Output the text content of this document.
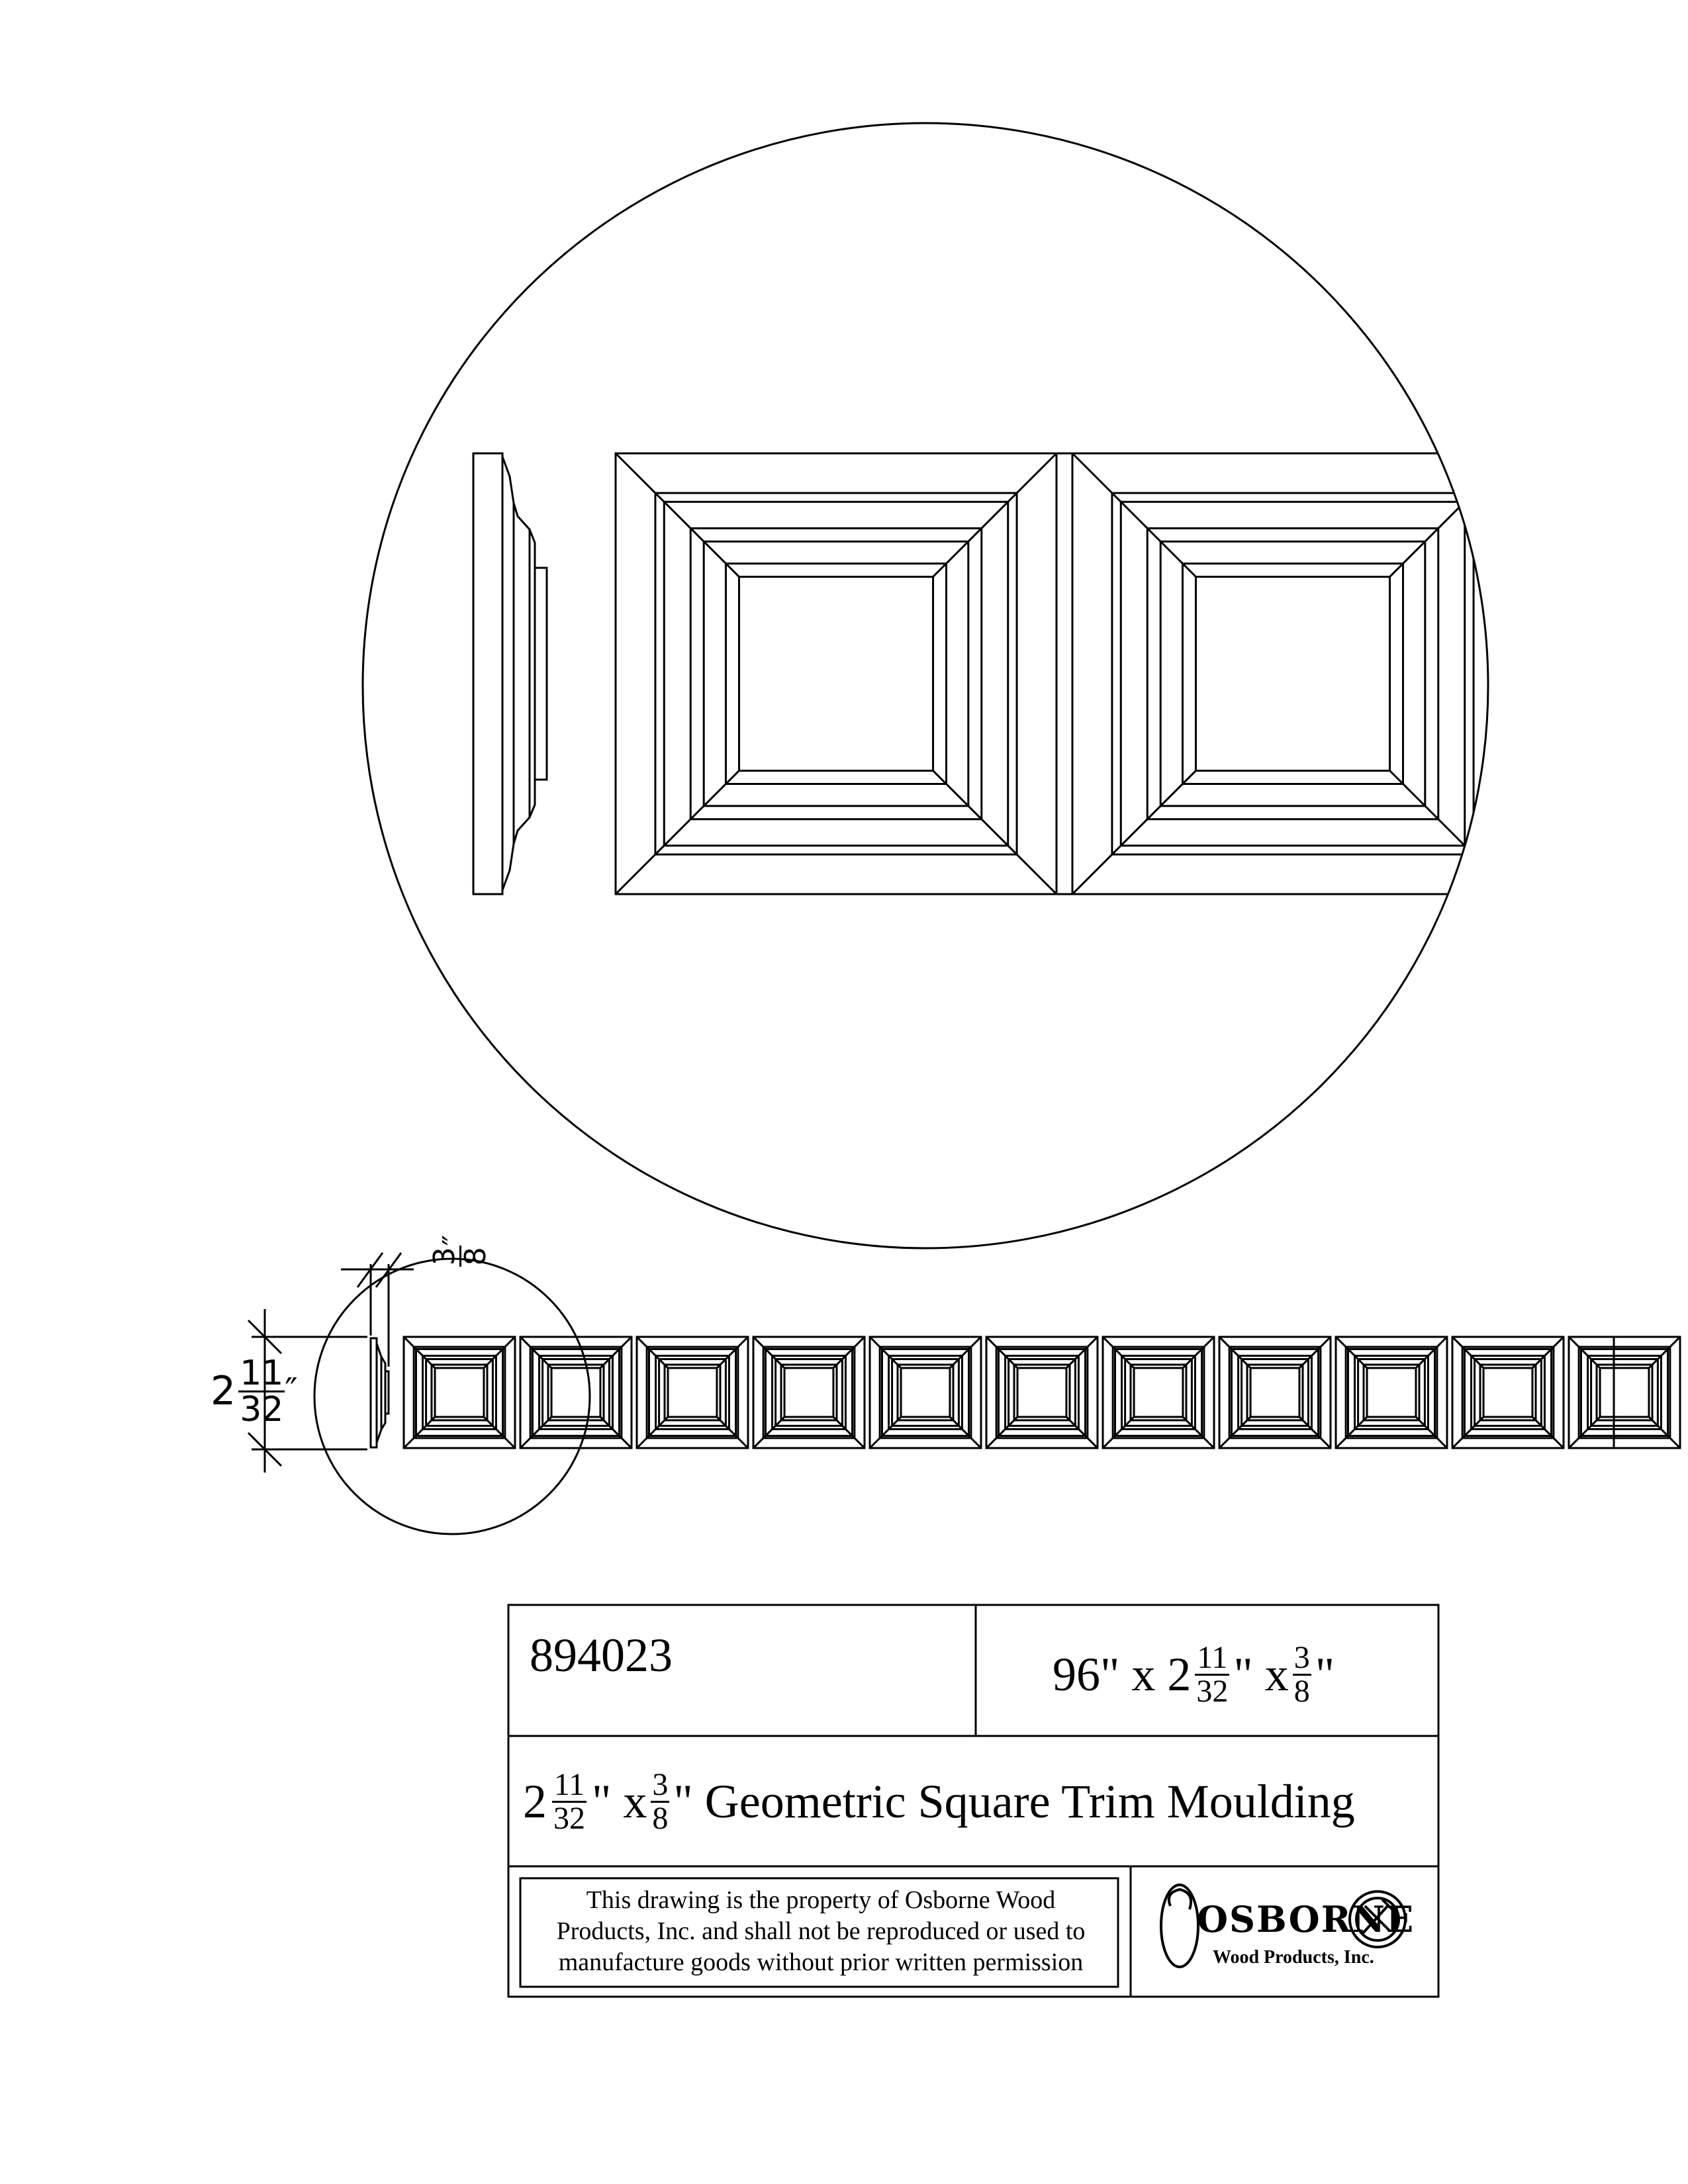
3
8
″
$2 \frac{11}{32}$ ″
894023	96" x $2 \frac{11}{32}$ " x $\frac{3}{8}$ "
$2 \frac{11}{32}$ " x $\frac{3}{8}$ " Geometric Square Trim Moulding
This drawing is the property of Osborne Wood
Products, Inc. and shall not be reproduced or used to
manufacture goods without prior written permission
OSBORNE
Wood Products, Inc.
